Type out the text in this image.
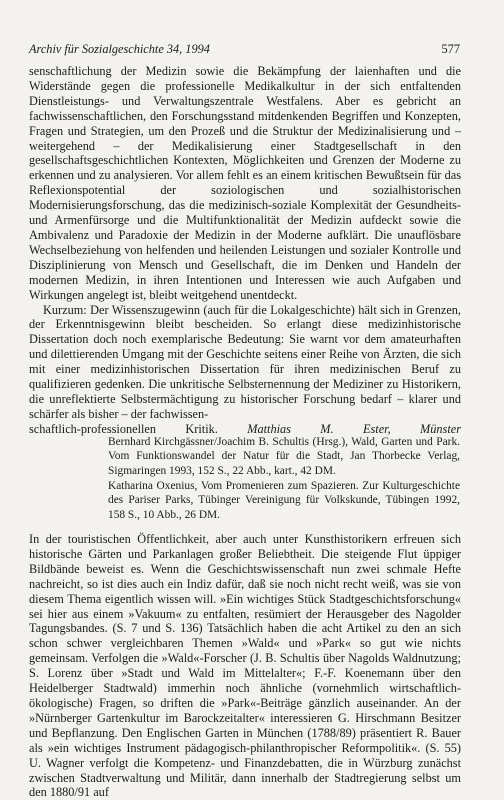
Archiv für Sozialgeschichte 34, 1994	577

senschaftlichung der Medizin sowie die Bekämpfung der laienhaften und die Widerstände gegen die professionelle Medikalkultur in der sich entfaltenden Dienstleistungs- und Verwaltungszentrale Westfalens. Aber es gebricht an fachwissenschaftlichen, den Forschungsstand mitdenkenden Begriffen und Konzepten, Fragen und Strategien, um den Prozeß und die Struktur der Medizinalisierung und – weitergehend – der Medikalisierung einer Stadtgesellschaft in den gesellschaftsgeschichtlichen Kontexten, Möglichkeiten und Grenzen der Moderne zu erkennen und zu analysieren. Vor allem fehlt es an einem kritischen Bewußtsein für das Reflexionspotential der soziologischen und sozialhistorischen Modernisierungsforschung, das die medizinisch-soziale Komplexität der Gesundheits- und Armenfürsorge und die Multifunktionalität der Medizin aufdeckt sowie die Ambivalenz und Paradoxie der Medizin in der Moderne aufklärt. Die unauflösbare Wechselbeziehung von helfenden und heilenden Leistungen und sozialer Kontrolle und Disziplinierung von Mensch und Gesellschaft, die im Denken und Handeln der modernen Medizin, in ihren Intentionen und Interessen wie auch Aufgaben und Wirkungen angelegt ist, bleibt weitgehend unentdeckt.

Kurzum: Der Wissenszugewinn (auch für die Lokalgeschichte) hält sich in Grenzen, der Erkenntnisgewinn bleibt bescheiden. So erlangt diese medizinhistorische Dissertation doch noch exemplarische Bedeutung: Sie warnt vor dem amateurhaften und dilettierenden Umgang mit der Geschichte seitens einer Reihe von Ärzten, die sich mit einer medizinhistorischen Dissertation für ihren medizinischen Beruf zu qualifizieren gedenken. Die unkritische Selbsternennung der Mediziner zu Historikern, die unreflektierte Selbstermächtigung zu historischer Forschung bedarf – klarer und schärfer als bisher – der fachwissen-

schaftlich-professionellen Kritik. Matthias M. Ester, Münster

Bernhard Kirchgässner/Joachim B. Schultis (Hrsg.), Wald, Garten und Park. Vom Funktionswandel der Natur für die Stadt, Jan Thorbecke Verlag, Sigmaringen 1993, 152 S., 22 Abb., kart., 42 DM.

Katharina Oxenius, Vom Promenieren zum Spazieren. Zur Kulturgeschichte des Pariser Parks, Tübinger Vereinigung für Volkskunde, Tübingen 1992, 158 S., 10 Abb., 26 DM.

In der touristischen Öffentlichkeit, aber auch unter Kunsthistorikern erfreuen sich historische Gärten und Parkanlagen großer Beliebtheit. Die steigende Flut üppiger Bildbände beweist es. Wenn die Geschichtswissenschaft nun zwei schmale Hefte nachreicht, so ist dies auch ein Indiz dafür, daß sie noch nicht recht weiß, was sie von diesem Thema eigentlich wissen will. »Ein wichtiges Stück Stadtgeschichtsforschung« sei hier aus einem »Vakuum« zu entfalten, resümiert der Herausgeber des Nagolder Tagungsbandes. (S. 7 und S. 136) Tatsächlich haben die acht Artikel zu den an sich schon schwer vergleichbaren Themen »Wald« und »Park« so gut wie nichts gemeinsam. Verfolgen die »Wald«-Forscher (J. B. Schultis über Nagolds Waldnutzung; S. Lorenz über »Stadt und Wald im Mittelalter«; F.-F. Koenemann über den Heidelberger Stadtwald) immerhin noch ähnliche (vornehmlich wirtschaftlich-ökologische) Fragen, so driften die »Park«-Beiträge gänzlich auseinander. An der »Nürnberger Gartenkultur im Barockzeitalter« interessieren G. Hirschmann Besitzer und Bepflanzung. Den Englischen Garten in München (1788/89) präsentiert R. Bauer als »ein wichtiges Instrument pädagogisch-philanthropischer Reformpolitik«. (S. 55) U. Wagner verfolgt die Kompetenz- und Finanzdebatten, die in Würzburg zunächst zwischen Stadtverwaltung und Militär, dann innerhalb der Stadtregierung selbst um den 1880/91 auf
